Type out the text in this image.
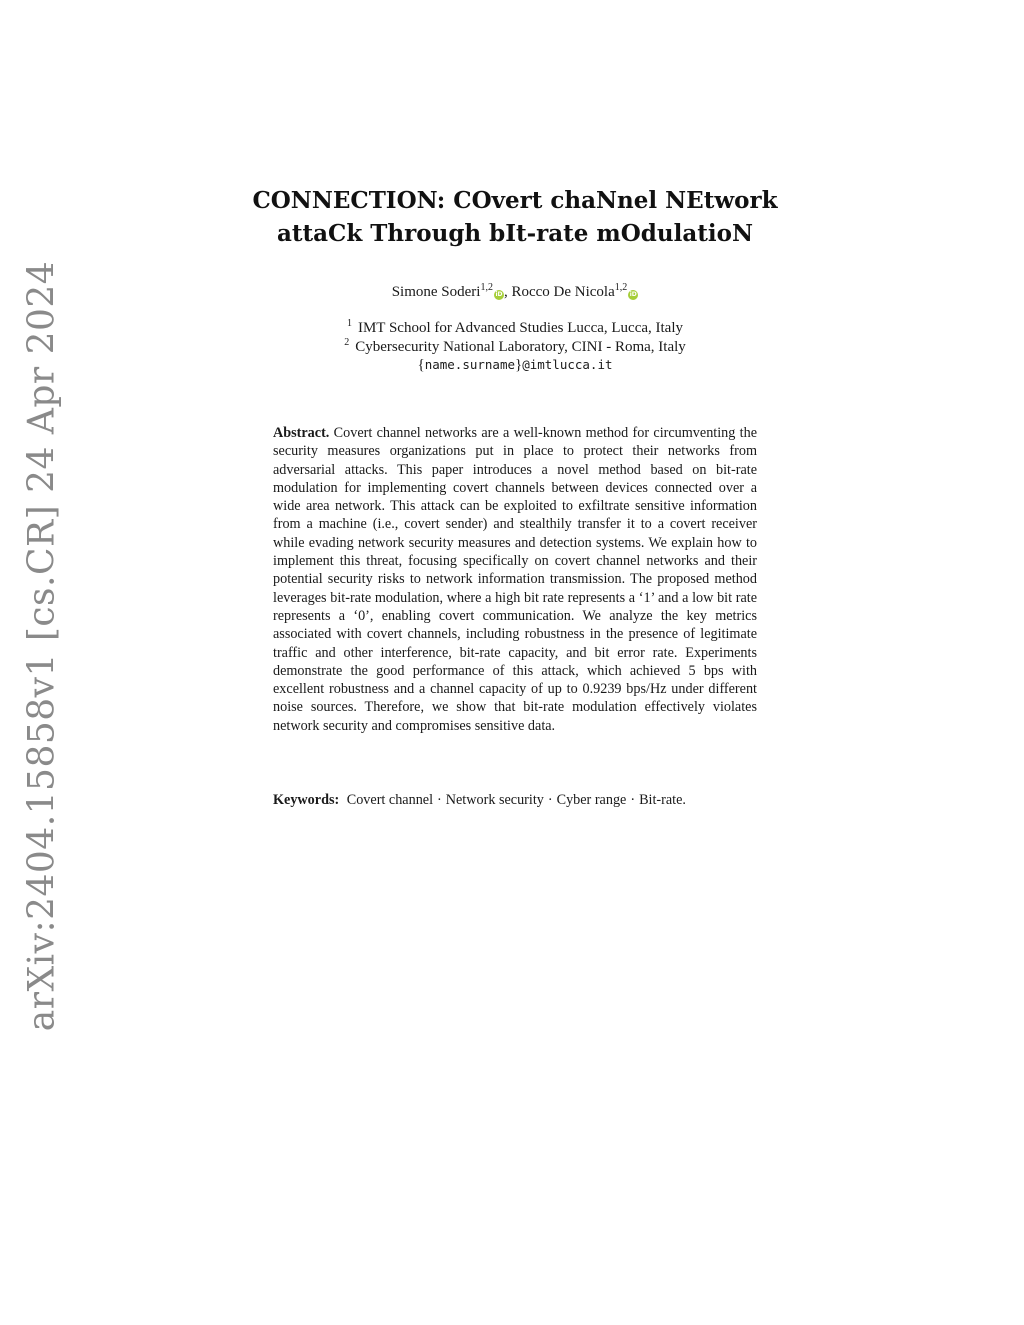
arXiv:2404.15858v1 [cs.CR] 24 Apr 2024
CONNECTION: COvert chaNnel NEtwork
attaCk Through bIt-rate mOdulatioN
Simone Soderi$^{1,2}$iD, Rocco De Nicola$^{1,2}$iD
$^1$ IMT School for Advanced Studies Lucca, Lucca, Italy
$^2$ Cybersecurity National Laboratory, CINI - Roma, Italy
{name.surname}@imtlucca.it
Abstract. Covert channel networks are a well-known method for circumventing the security measures organizations put in place to protect their networks from adversarial attacks. This paper introduces a novel method based on bit-rate modulation for implementing covert channels between devices connected over a wide area network. This attack can be exploited to exfiltrate sensitive information from a machine (i.e., covert sender) and stealthily transfer it to a covert receiver while evading network security measures and detection systems. We explain how to implement this threat, focusing specifically on covert channel networks and their potential security risks to network information transmission. The proposed method leverages bit-rate modulation, where a high bit rate represents a ‘1’ and a low bit rate represents a ‘0’, enabling covert communication. We analyze the key metrics associated with covert channels, including robustness in the presence of legitimate traffic and other interference, bit-rate capacity, and bit error rate. Experiments demonstrate the good performance of this attack, which achieved 5 bps with excellent robustness and a channel capacity of up to 0.9239 bps/Hz under different noise sources. Therefore, we show that bit-rate modulation effectively violates network security and compromises sensitive data.
Keywords: Covert channel · Network security · Cyber range · Bit-rate.
